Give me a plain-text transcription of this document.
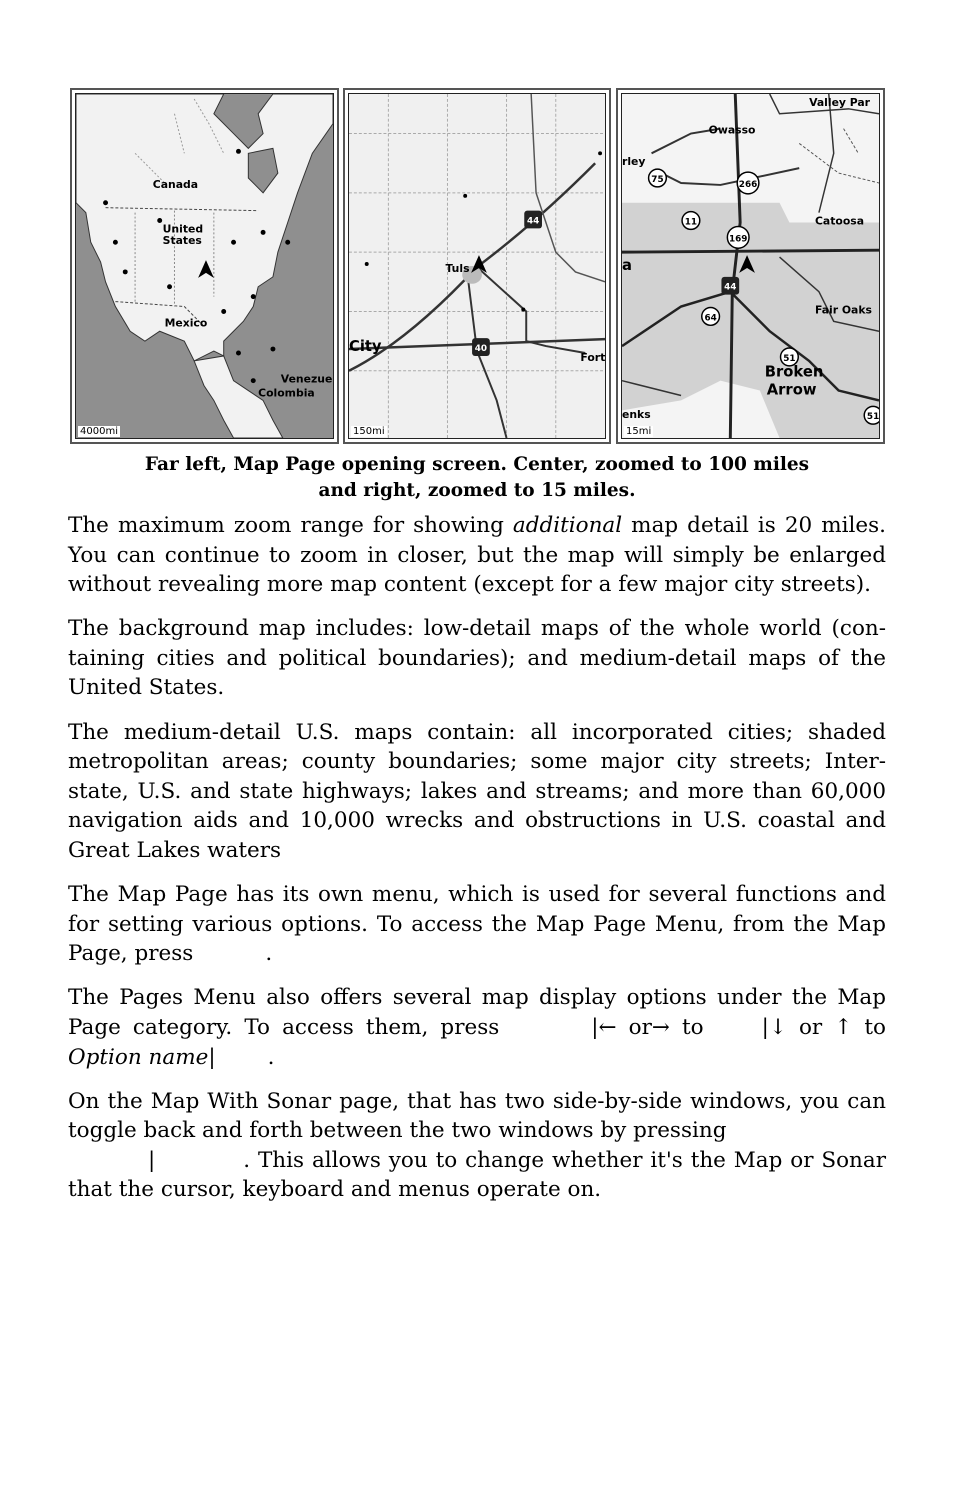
Canada
United
States
Mexico
Venezue
Colombia
4000mi
44
40
Tuls
City
Fort
150mi
75	266
11
169
44
64
51
51
Valley Par
Owasso
rley
Catoosa
a
Fair Oaks
Broken
Arrow
enks
15mi
Far left, Map Page opening screen. Center, zoomed to 100 miles
and right, zoomed to 15 miles.

The maximum zoom range for showing additional map detail is 20 miles. You can continue to zoom in closer, but the map will simply be enlarged without revealing more map content (except for a few major city streets).

The background map includes: low-detail maps of the whole world (con-taining cities and political boundaries); and medium-detail maps of the United States.

The medium-detail U.S. maps contain: all incorporated cities; shaded metropolitan areas; county boundaries; some major city streets; Inter-state, U.S. and state highways; lakes and streams; and more than 60,000 navigation aids and 10,000 wrecks and obstructions in U.S. coastal and Great Lakes waters

The Map Page has its own menu, which is used for several functions and for setting various options. To access the Map Page Menu, from the Map Page, press	.

The Pages Menu also offers several map display options under the Map Page category. To access them, press	|← or→ to	|↓ or ↑ to Option name| .

On the Map With Sonar page, that has two side-by-side windows, you can toggle back and forth between the two windows by pressing
|	. This allows you to change whether it's the Map or Sonar that the cursor, keyboard and menus operate on.
